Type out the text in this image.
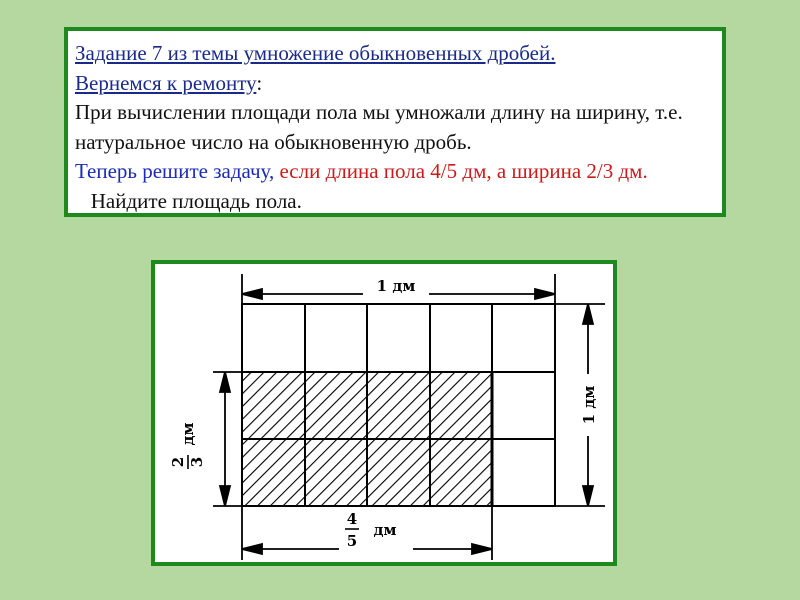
Задание 7 из темы умножение обыкновенных дробей.
Вернемся к ремонту:
При вычислении площади пола мы умножали длину на ширину, т.е. натуральное число на обыкновенную дробь.
Теперь решите задачу, если длина пола 4/5 дм, а ширина 2/3 дм.   Найдите площадь пола.
1 дм
1 дм
2 3
дм
4
5
дм
